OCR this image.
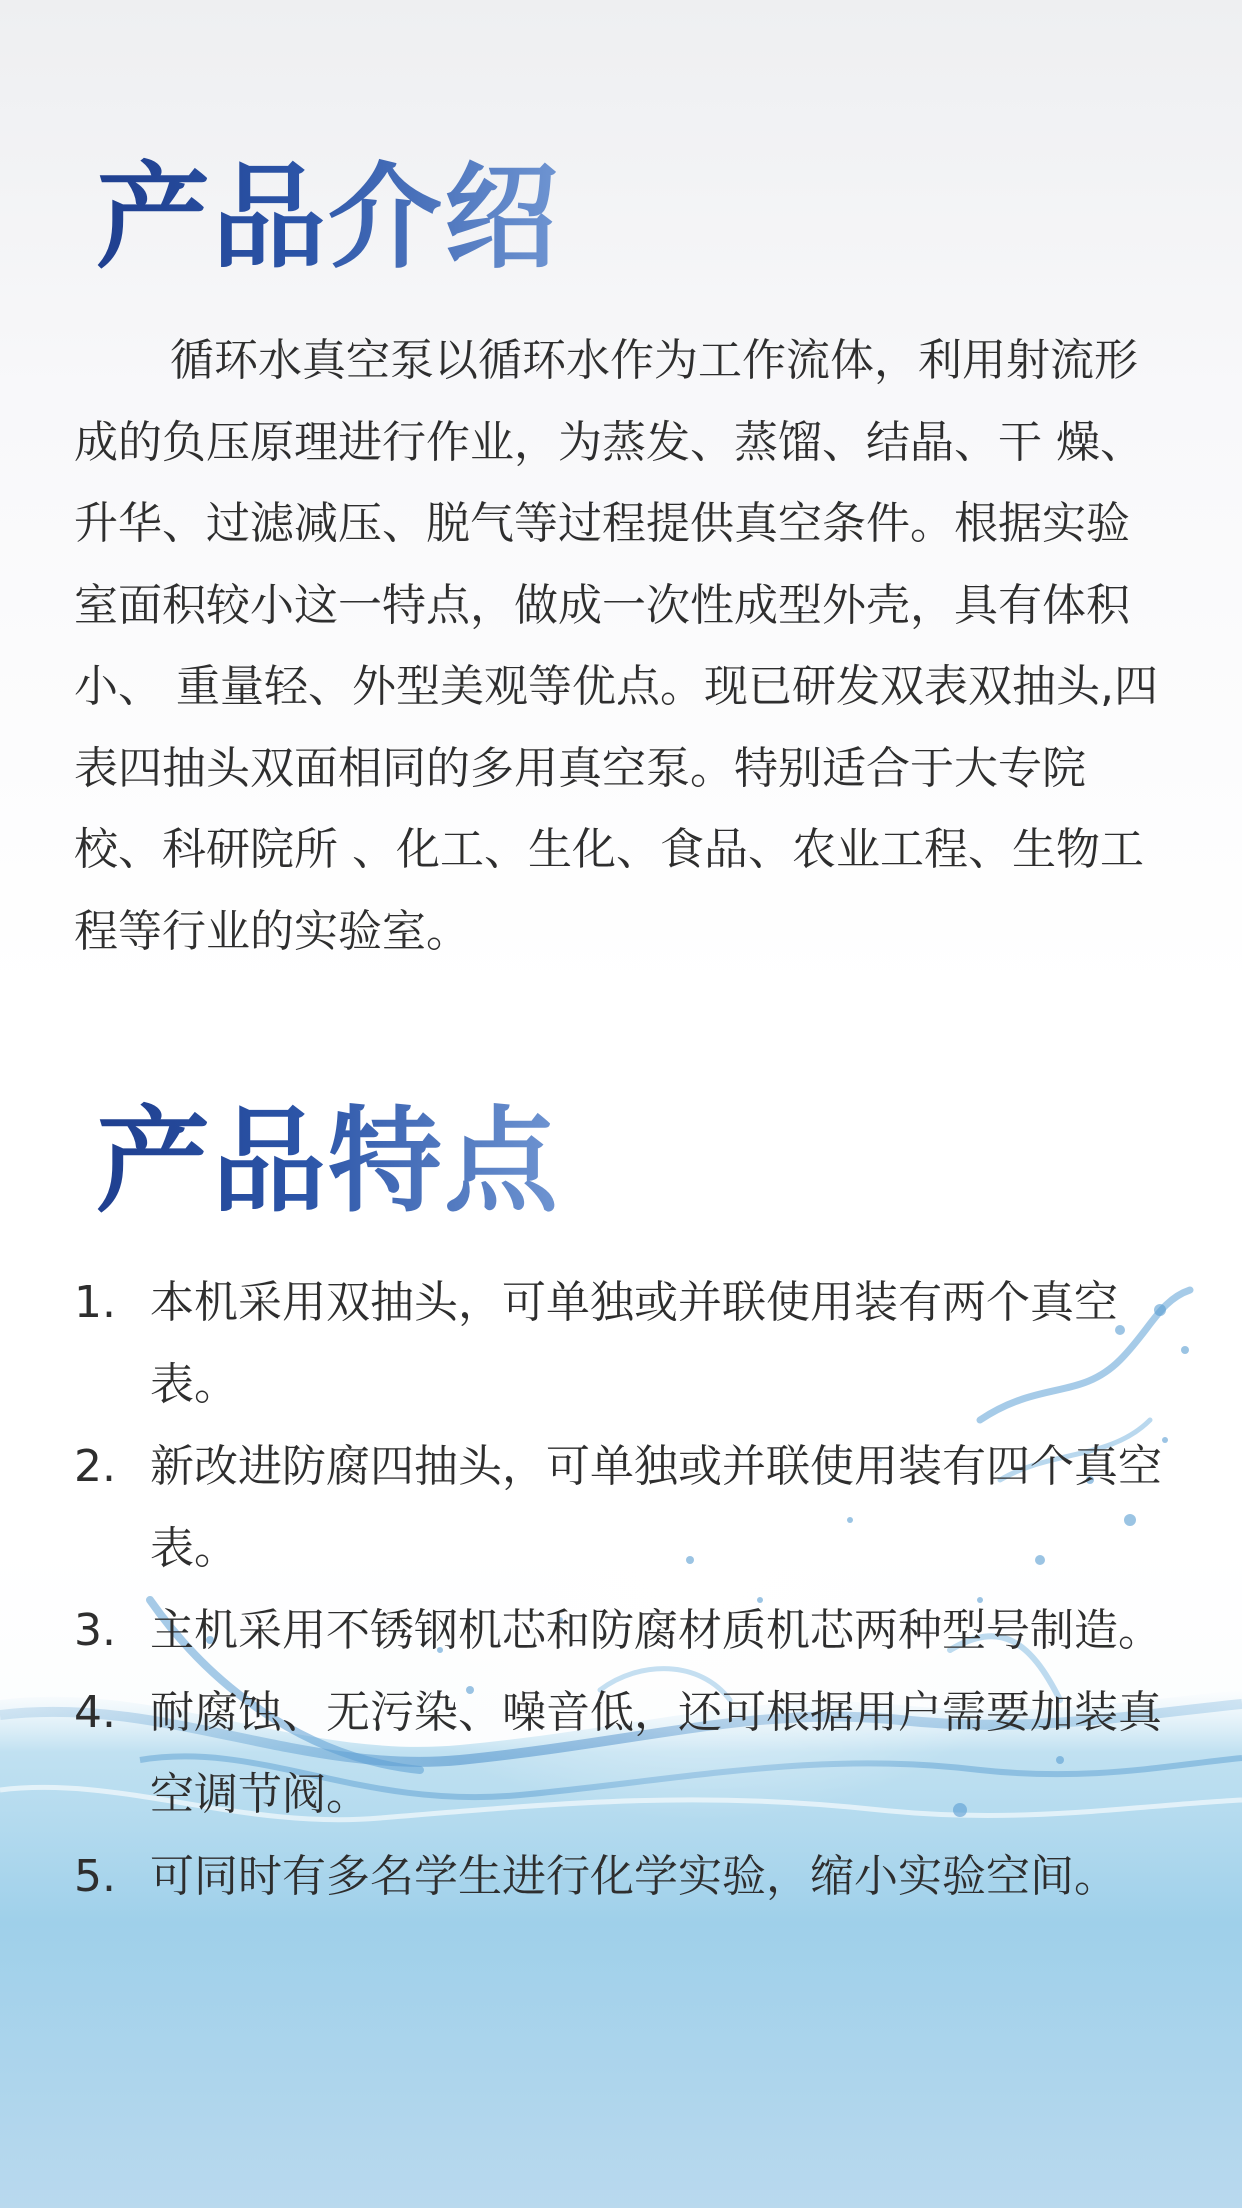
产品介绍

循环水真空泵以循环水作为工作流体，利用射流形成的负压原理进行作业，为蒸发、蒸馏、结晶、干 燥、升华、过滤减压、脱气等过程提供真空条件。根据实验室面积较小这一特点，做成一次性成型外壳，具有体积小、 重量轻、外型美观等优点。现已研发双表双抽头,四表四抽头双面相同的多用真空泵。特别适合于大专院校、科研院所 、化工、生化、食品、农业工程、生物工程等行业的实验室。

产品特点
1. 本机采用双抽头，可单独或并联使用装有两个真空表。
2. 新改进防腐四抽头，可单独或并联使用装有四个真空表。
3. 主机采用不锈钢机芯和防腐材质机芯两种型号制造。
4. 耐腐蚀、无污染、噪音低，还可根据用户需要加装真空调节阀。
5. 可同时有多名学生进行化学实验，缩小实验空间。
